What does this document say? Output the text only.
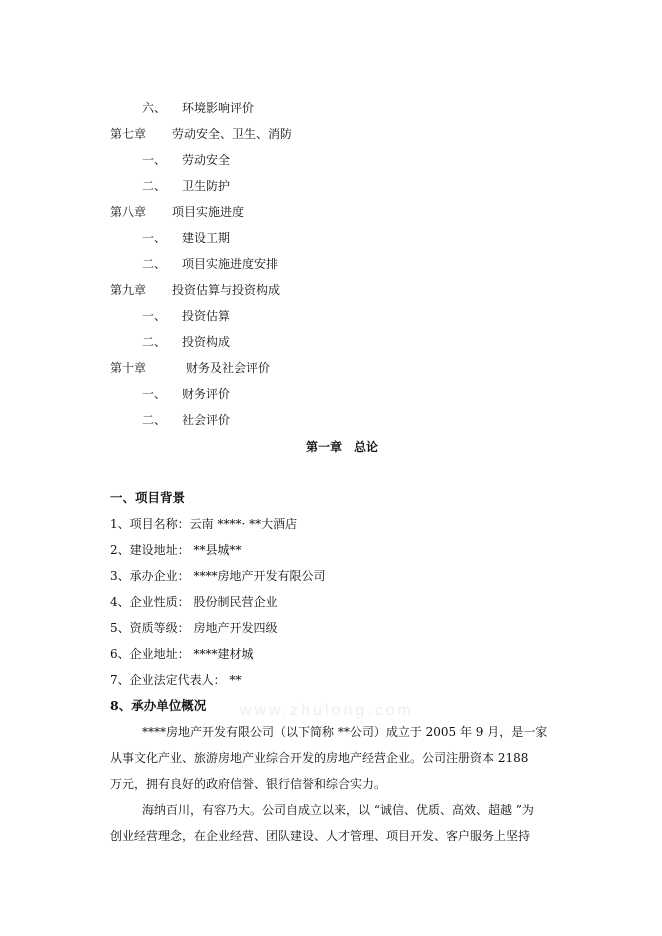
六、 环境影响评价
第七章 劳动安全、卫生、消防
一、 劳动安全
二、 卫生防护
第八章 项目实施进度
一、 建设工期
二、 项目实施进度安排
第九章 投资估算与投资构成
一、 投资估算
二、 投资构成
第十章	财务及社会评价
一、 财务评价
二、 社会评价
第一章　总论
一、项目背景
1、项目名称：云南 ****· **大酒店
2、建设地址： **县城**
3、承办企业： ****房地产开发有限公司
4、企业性质： 股份制民营企业
5、资质等级： 房地产开发四级
6、企业地址： ****建材城
7、企业法定代表人： **
8、承办单位概况
****房地产开发有限公司（以下简称 **公司）成立于 2005 年 9 月，是一家
从事文化产业、旅游房地产业综合开发的房地产经营企业。公司注册资本 2188
万元，拥有良好的政府信誉、银行信誉和综合实力。
海纳百川，有容乃大。公司自成立以来，以 “诚信、优质、高效、超越 ”为
创业经营理念，在企业经营、团队建设、人才管理、项目开发、客户服务上坚持
www.zhulong.com
